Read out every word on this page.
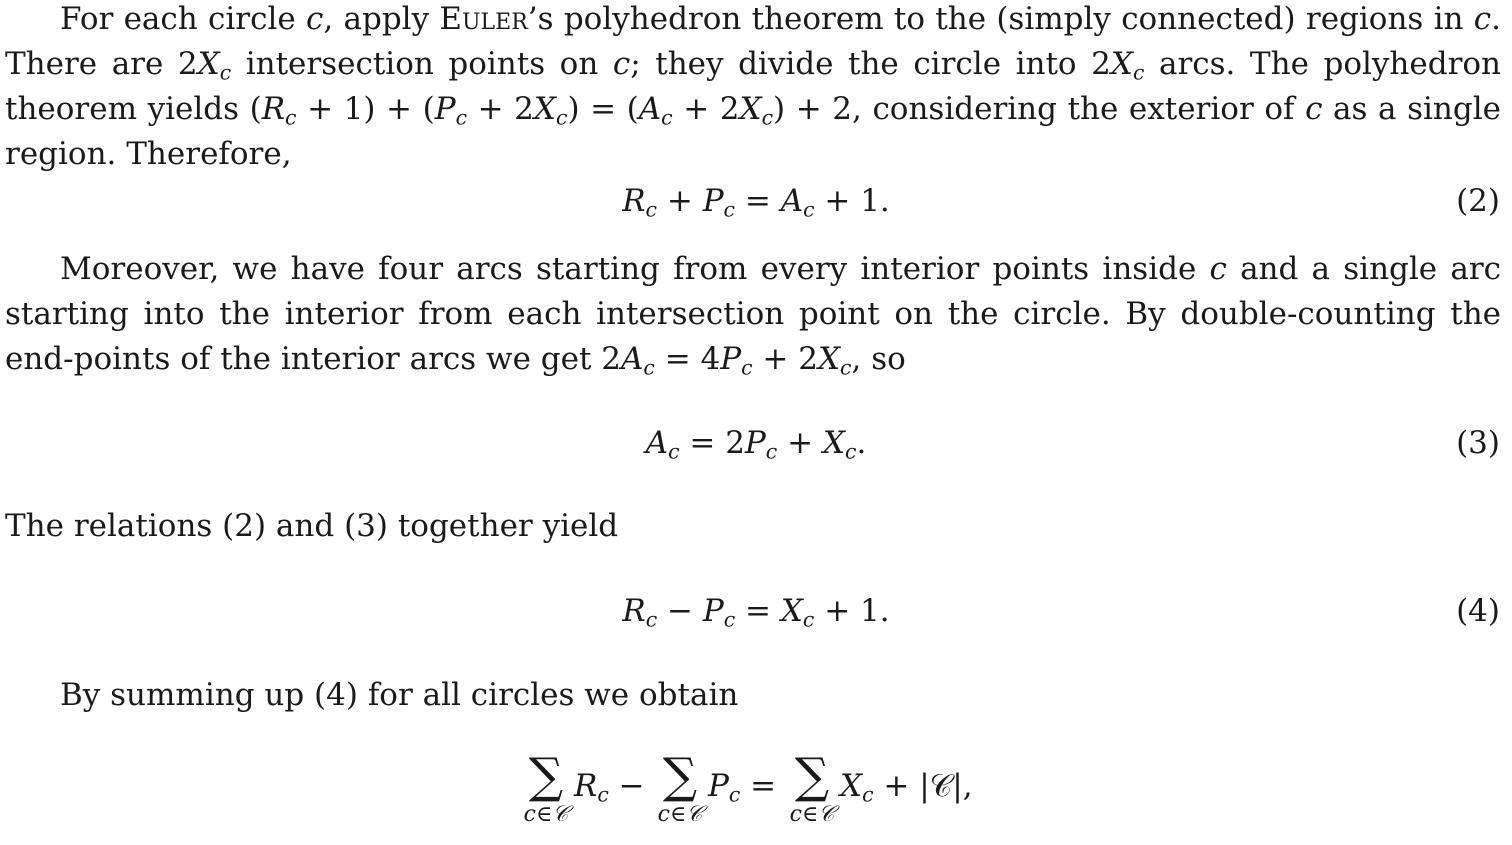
For each circle c, apply Euler’s polyhedron theorem to the (simply connected) regions in c.
There are $2X_c$ intersection points on c; they divide the circle into $2X_c$ arcs. The polyhedron
theorem yields $(R_c + 1) + (P_c + 2X_c) = (A_c + 2X_c) + 2$, considering the exterior of c as a single
region. Therefore,
$R_c + P_c = A_c + 1$.	(2)
Moreover, we have four arcs starting from every interior points inside c and a single arc
starting into the interior from each intersection point on the circle. By double-counting the
end-points of the interior arcs we get $2A_c = 4P_c + 2X_c$, so
$A_c = 2P_c + X_c$.	(3)
The relations (2) and (3) together yield
$R_c - P_c = X_c + 1$.	(4)
By summing up (4) for all circles we obtain
∑
c∈𝒞
$R_c$ − ∑
c∈𝒞
$P_c$ = ∑
c∈𝒞
$X_c$ + |𝒞|,
